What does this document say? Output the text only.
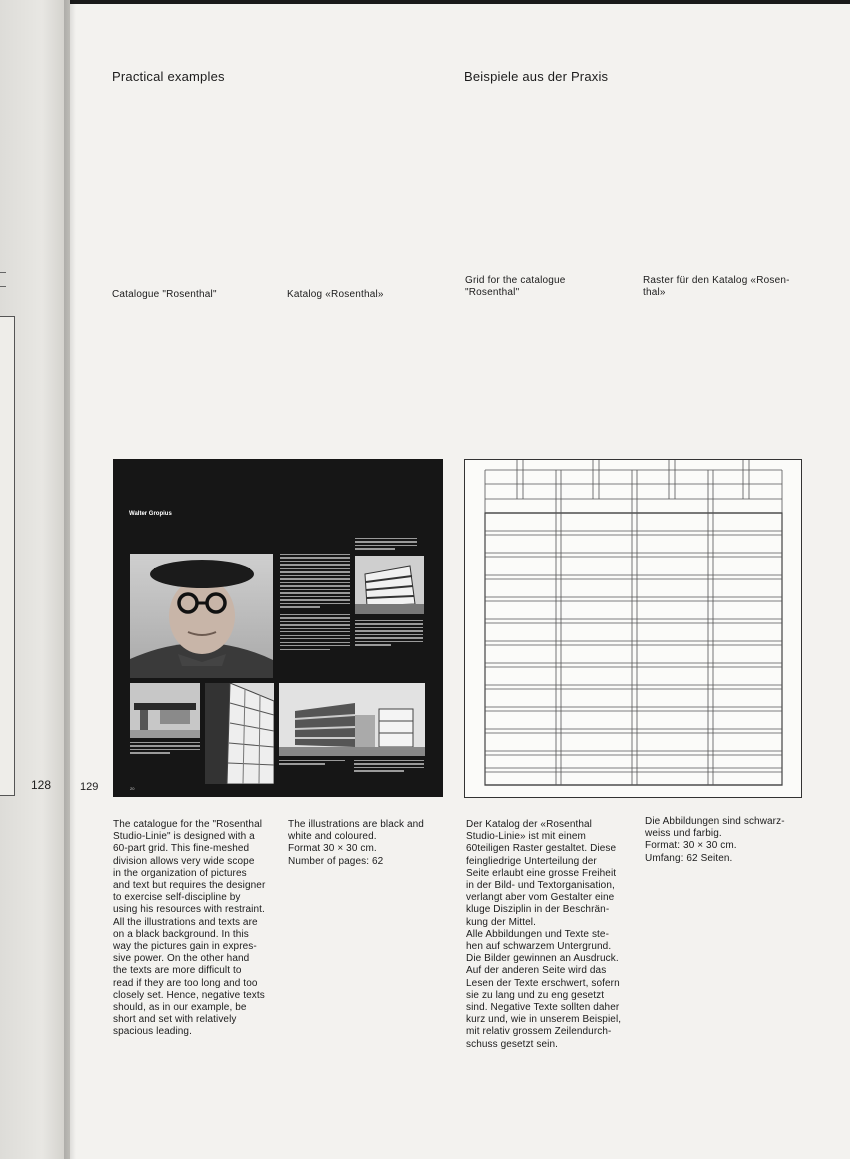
128	129

Practical examples	Beispiele aus der Praxis

Catalogue "Rosenthal"	Katalog «Rosenthal»

Grid for the catalogue
"Rosenthal"
Raster für den Katalog «Rosen-
thal»
Walter Gropius
20
The catalogue for the "Rosenthal
Studio-Linie" is designed with a
60-part grid. This fine-meshed
division allows very wide scope
in the organization of pictures
and text but requires the designer
to exercise self-discipline by
using his resources with restraint.
All the illustrations and texts are
on a black background. In this
way the pictures gain in expres-
sive power. On the other hand
the texts are more difficult to
read if they are too long and too
closely set. Hence, negative texts
should, as in our example, be
short and set with relatively
spacious leading.
The illustrations are black and
white and coloured.
Format 30 × 30 cm.
Number of pages: 62
Der Katalog der «Rosenthal
Studio-Linie» ist mit einem
60teiligen Raster gestaltet. Diese
feingliedrige Unterteilung der
Seite erlaubt eine grosse Freiheit
in der Bild- und Textorganisation,
verlangt aber vom Gestalter eine
kluge Disziplin in der Beschrän-
kung der Mittel.
Alle Abbildungen und Texte ste-
hen auf schwarzem Untergrund.
Die Bilder gewinnen an Ausdruck.
Auf der anderen Seite wird das
Lesen der Texte erschwert, sofern
sie zu lang und zu eng gesetzt
sind. Negative Texte sollten daher
kurz und, wie in unserem Beispiel,
mit relativ grossem Zeilendurch-
schuss gesetzt sein.
Die Abbildungen sind schwarz-
weiss und farbig.
Format: 30 × 30 cm.
Umfang: 62 Seiten.
